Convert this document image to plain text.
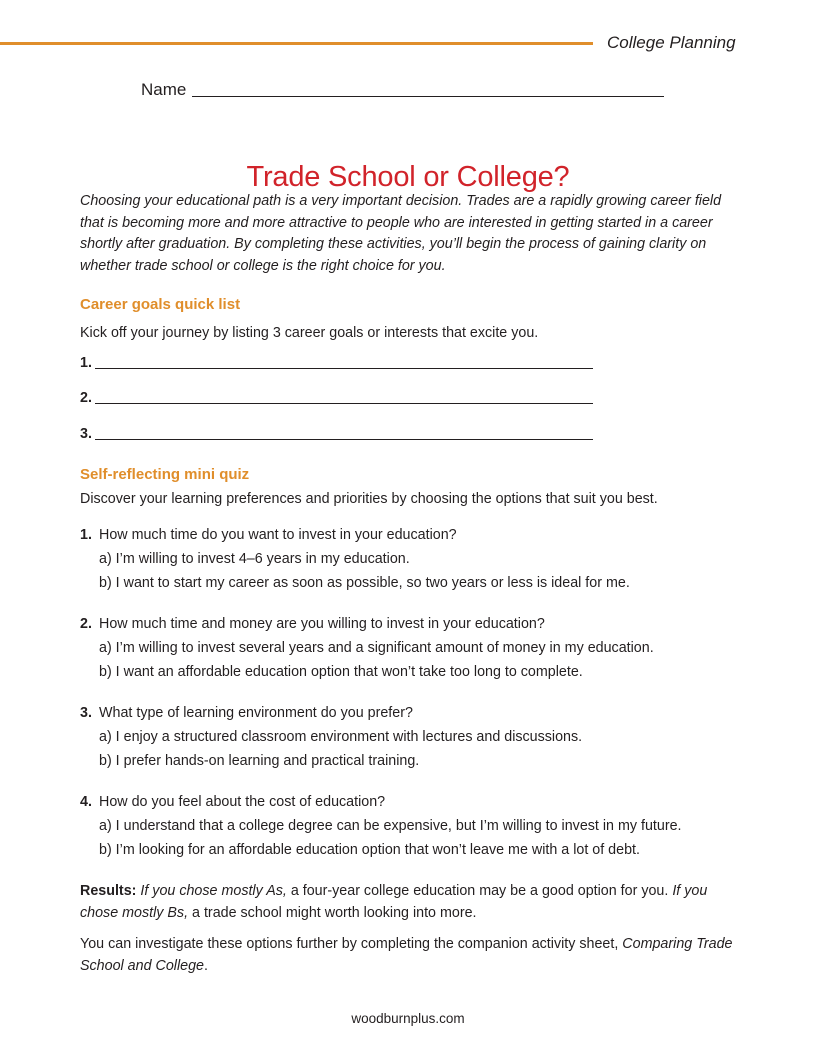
College Planning
Name
Trade School or College?

Choosing your educational path is a very important decision. Trades are a rapidly growing career field that is becoming more and more attractive to people who are interested in getting started in a career shortly after graduation. By completing these activities, you’ll begin the process of gaining clarity on whether trade school or college is the right choice for you.

Career goals quick list
Kick off your journey by listing 3 career goals or interests that excite you.
1.
2.
3.
Self-reflecting mini quiz
Discover your learning preferences and priorities by choosing the options that suit you best.
1. How much time do you want to invest in your education?
a) I’m willing to invest 4–6 years in my education.
b) I want to start my career as soon as possible, so two years or less is ideal for me.
2. How much time and money are you willing to invest in your education?
a) I’m willing to invest several years and a significant amount of money in my education.
b) I want an affordable education option that won’t take too long to complete.
3. What type of learning environment do you prefer?
a) I enjoy a structured classroom environment with lectures and discussions.
b) I prefer hands-on learning and practical training.
4. How do you feel about the cost of education?
a) I understand that a college degree can be expensive, but I’m willing to invest in my future.
b) I’m looking for an affordable education option that won’t leave me with a lot of debt.
Results: If you chose mostly As, a four-year college education may be a good option for you. If you chose mostly Bs, a trade school might worth looking into more.
You can investigate these options further by completing the companion activity sheet, Comparing Trade School and College.
woodburnplus.com
